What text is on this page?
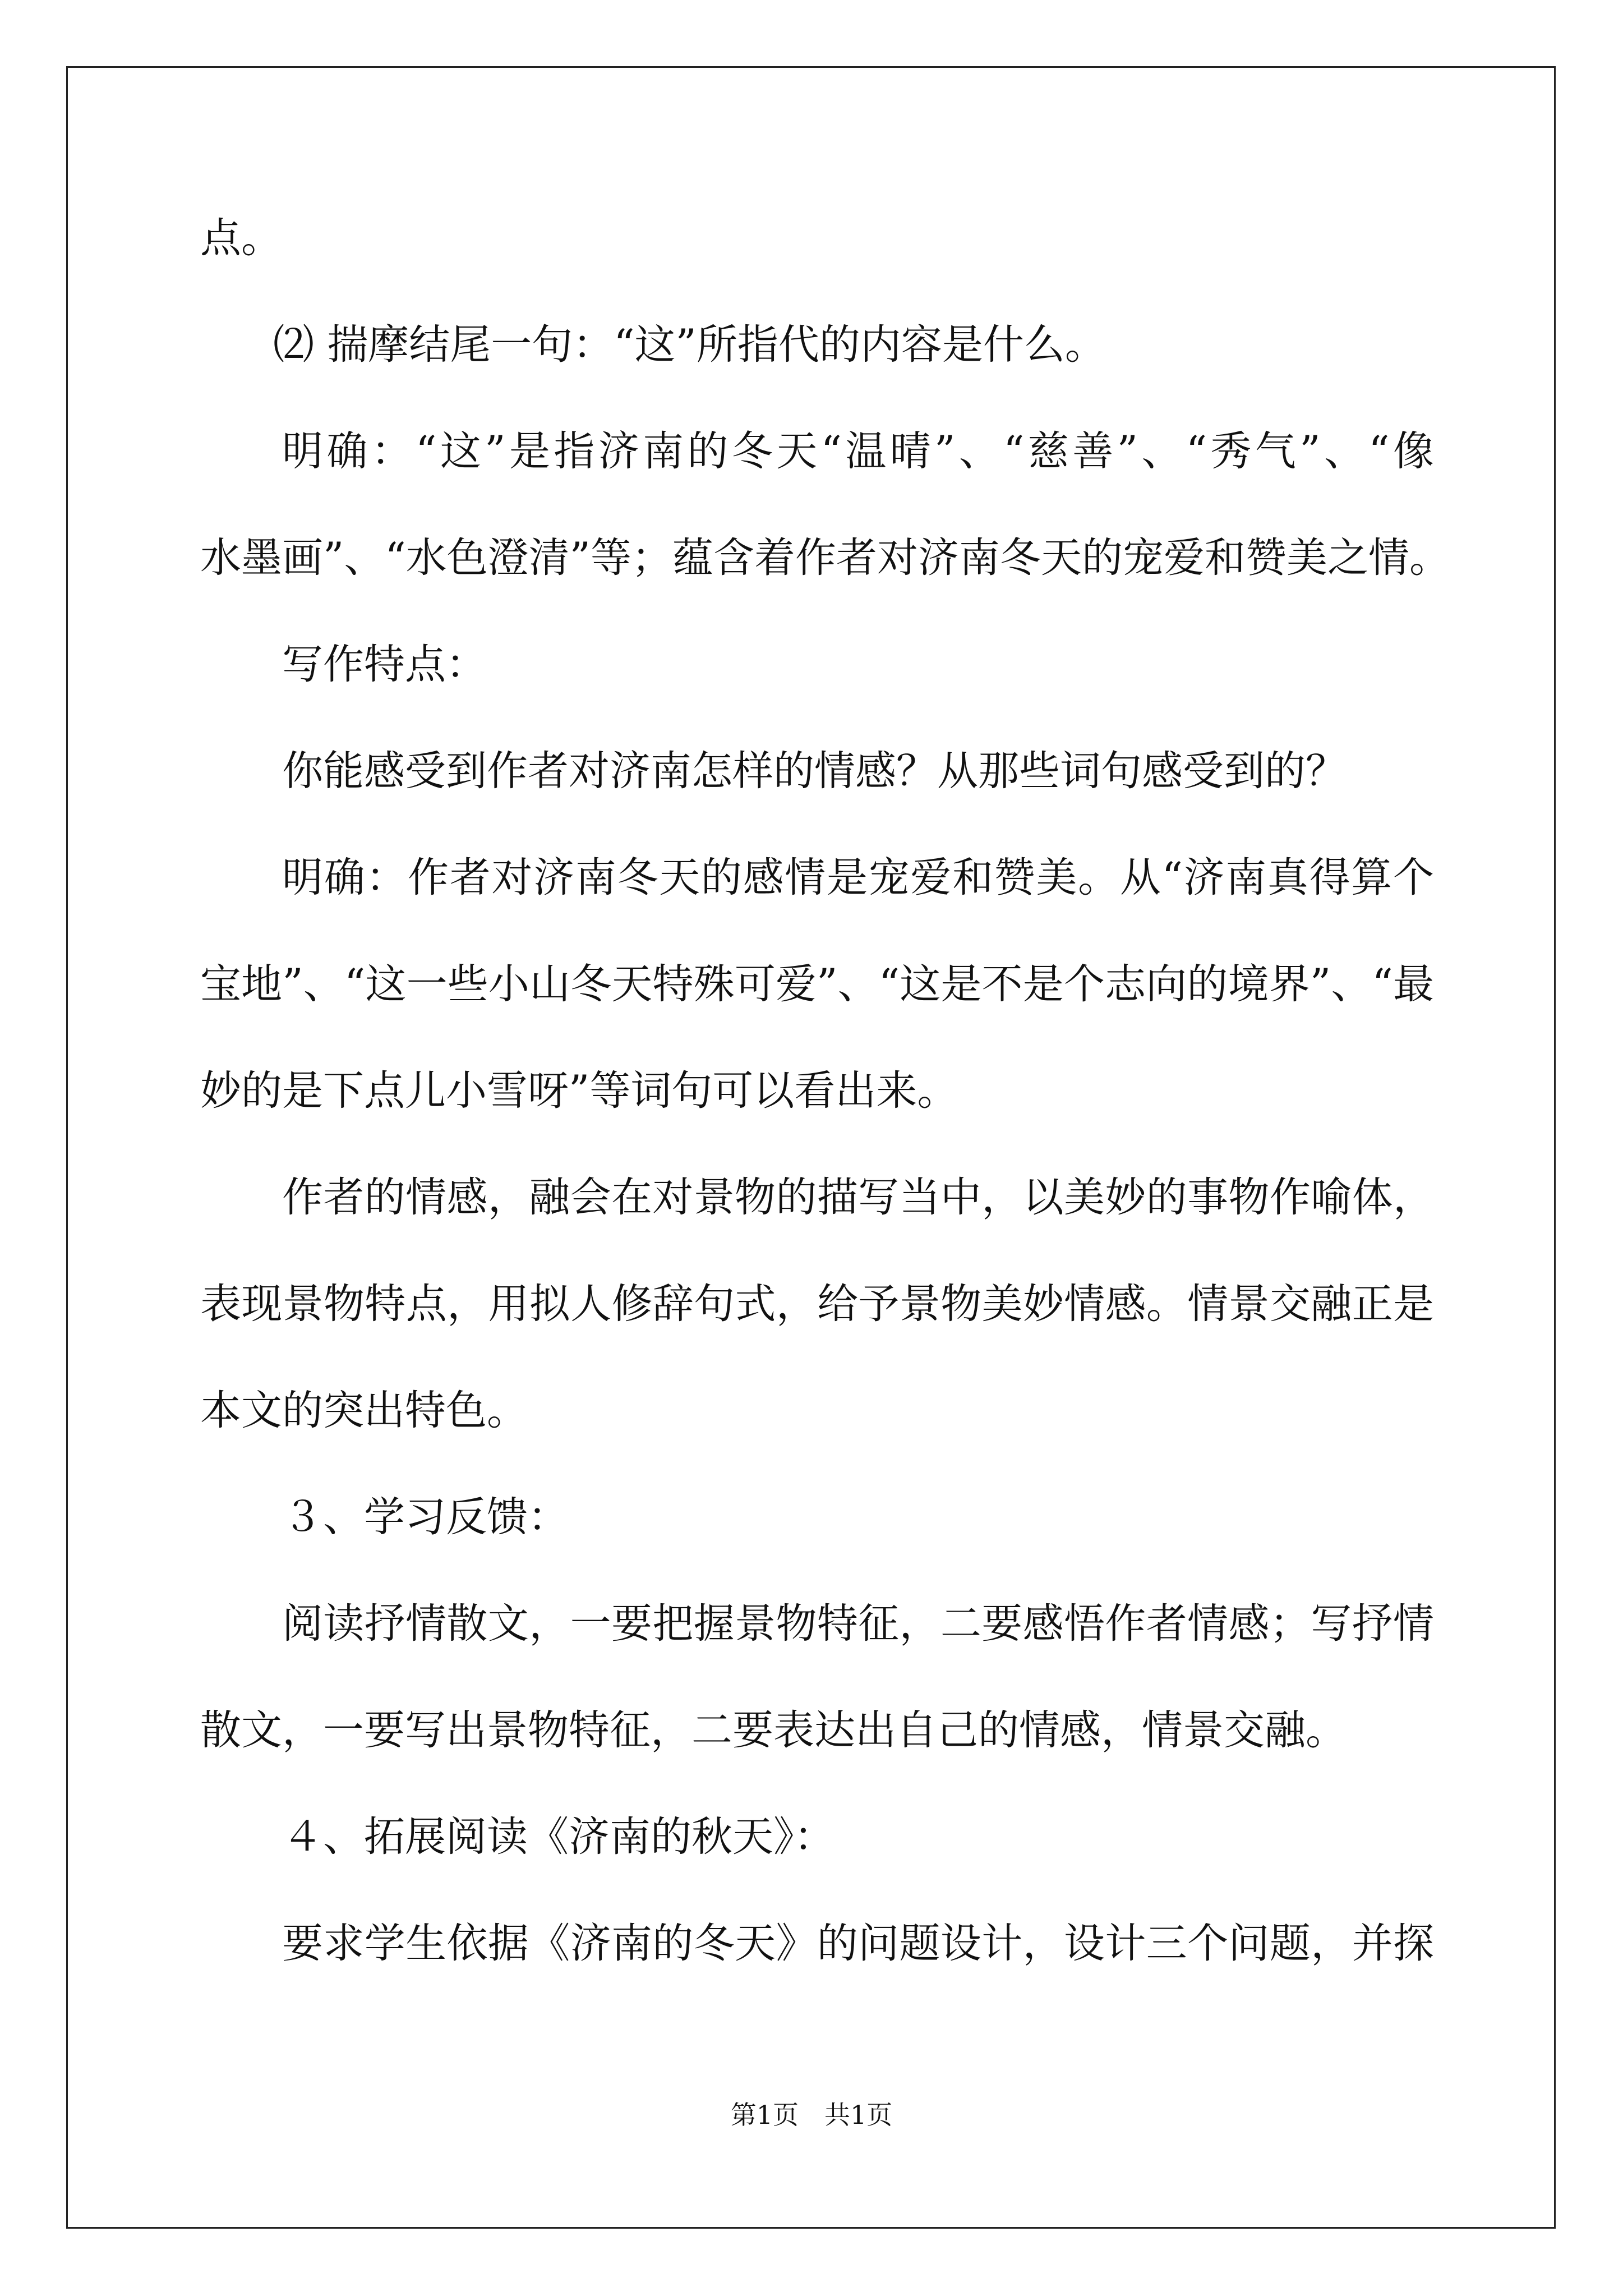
点。
⑵ 揣摩结尾一句：“这”所指代的内容是什么。
明确：“这”是指济南的冬天“温晴”、“慈善”、“秀气”、“像
水墨画”、“水色澄清”等；蕴含着作者对济南冬天的宠爱和赞美之情。
写作特点：
你能感受到作者对济南怎样的情感？从那些词句感受到的？
明确：作者对济南冬天的感情是宠爱和赞美。从“济南真得算个
宝地”、“这一些小山冬天特殊可爱”、“这是不是个志向的境界”、“最
妙的是下点儿小雪呀”等词句可以看出来。
作者的情感，融会在对景物的描写当中，以美妙的事物作喻体，
表现景物特点，用拟人修辞句式，给予景物美妙情感。情景交融正是
本文的突出特色。
３、学习反馈：
阅读抒情散文，一要把握景物特征，二要感悟作者情感；写抒情
散文，一要写出景物特征，二要表达出自己的情感，情景交融。
４、拓展阅读《济南的秋天》：
要求学生依据《济南的冬天》的问题设计，设计三个问题，并探
第1页　共1页
